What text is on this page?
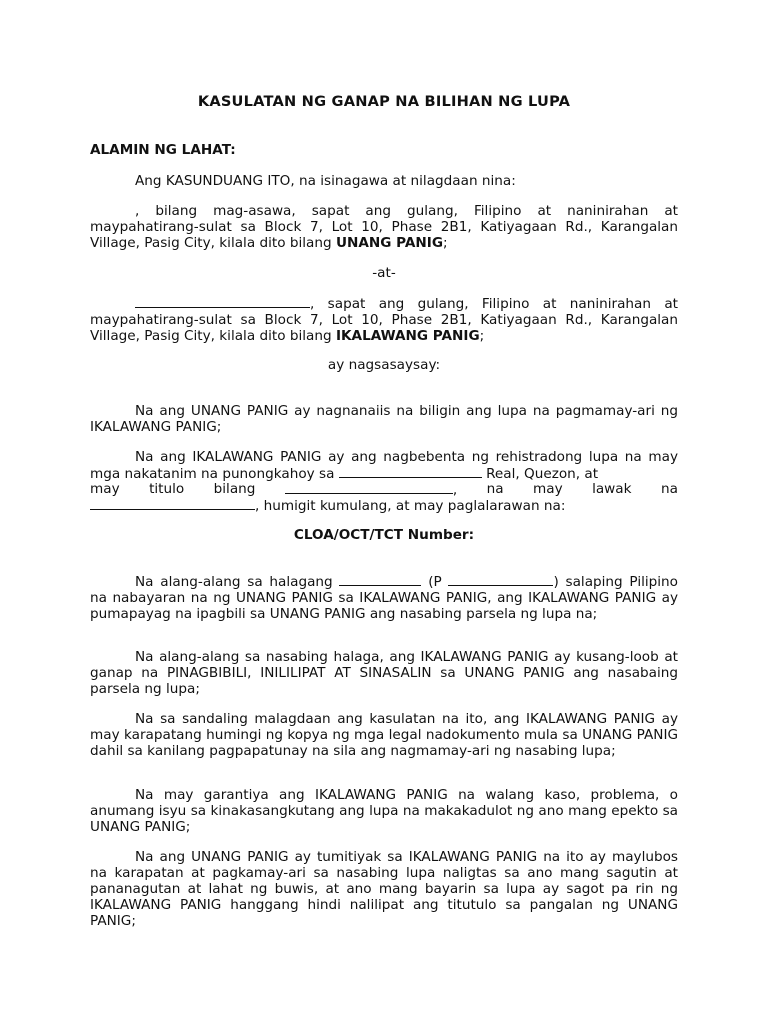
KASULATAN NG GANAP NA BILIHAN NG LUPA
ALAMIN NG LAHAT:
Ang KASUNDUANG ITO, na isinagawa at nilagdaan nina:
, bilang mag-asawa, sapat ang gulang, Filipino at naninirahan at maypahatirang-sulat sa Block 7, Lot 10, Phase 2B1, Katiyagaan Rd., Karangalan Village, Pasig City, kilala dito bilang UNANG PANIG;
-at-
, sapat ang gulang, Filipino at naninirahan at maypahatirang-sulat sa Block 7, Lot 10, Phase 2B1, Katiyagaan Rd., Karangalan Village, Pasig City, kilala dito bilang IKALAWANG PANIG;
ay nagsasaysay:
Na ang UNANG PANIG ay nagnanaiis na biligin ang lupa na pagmamay-ari ng IKALAWANG PANIG;
Na ang IKALAWANG PANIG ay ang nagbebenta ng rehistradong lupa na may mga nakatanim na punongkahoy sa	Real, Quezon, at
may titulo bilang	, na may lawak na
, humigit kumulang, at may paglalarawan na:
CLOA/OCT/TCT Number:
Na alang-alang sa halagang	(P	) salaping Pilipino na nabayaran na ng UNANG PANIG sa IKALAWANG PANIG, ang IKALAWANG PANIG ay pumapayag na ipagbili sa UNANG PANIG ang nasabing parsela ng lupa na;
Na alang-alang sa nasabing halaga, ang IKALAWANG PANIG ay kusang-loob at ganap na PINAGBIBILI, INILILIPAT AT SINASALIN sa UNANG PANIG ang nasabaing parsela ng lupa;
Na sa sandaling malagdaan ang kasulatan na ito, ang IKALAWANG PANIG ay may karapatang humingi ng kopya ng mga legal nadokumento mula sa UNANG PANIG dahil sa kanilang pagpapatunay na sila ang nagmamay-ari ng nasabing lupa;
Na may garantiya ang IKALAWANG PANIG na walang kaso, problema, o anumang isyu sa kinakasangkutang ang lupa na makakadulot ng ano mang epekto sa UNANG PANIG;
Na ang UNANG PANIG ay tumitiyak sa IKALAWANG PANIG na ito ay maylubos na karapatan at pagkamay-ari sa nasabing lupa naligtas sa ano mang sagutin at pananagutan at lahat ng buwis, at ano mang bayarin sa lupa ay sagot pa rin ng IKALAWANG PANIG hanggang hindi nalilipat ang titutulo sa pangalan ng UNANG PANIG;
